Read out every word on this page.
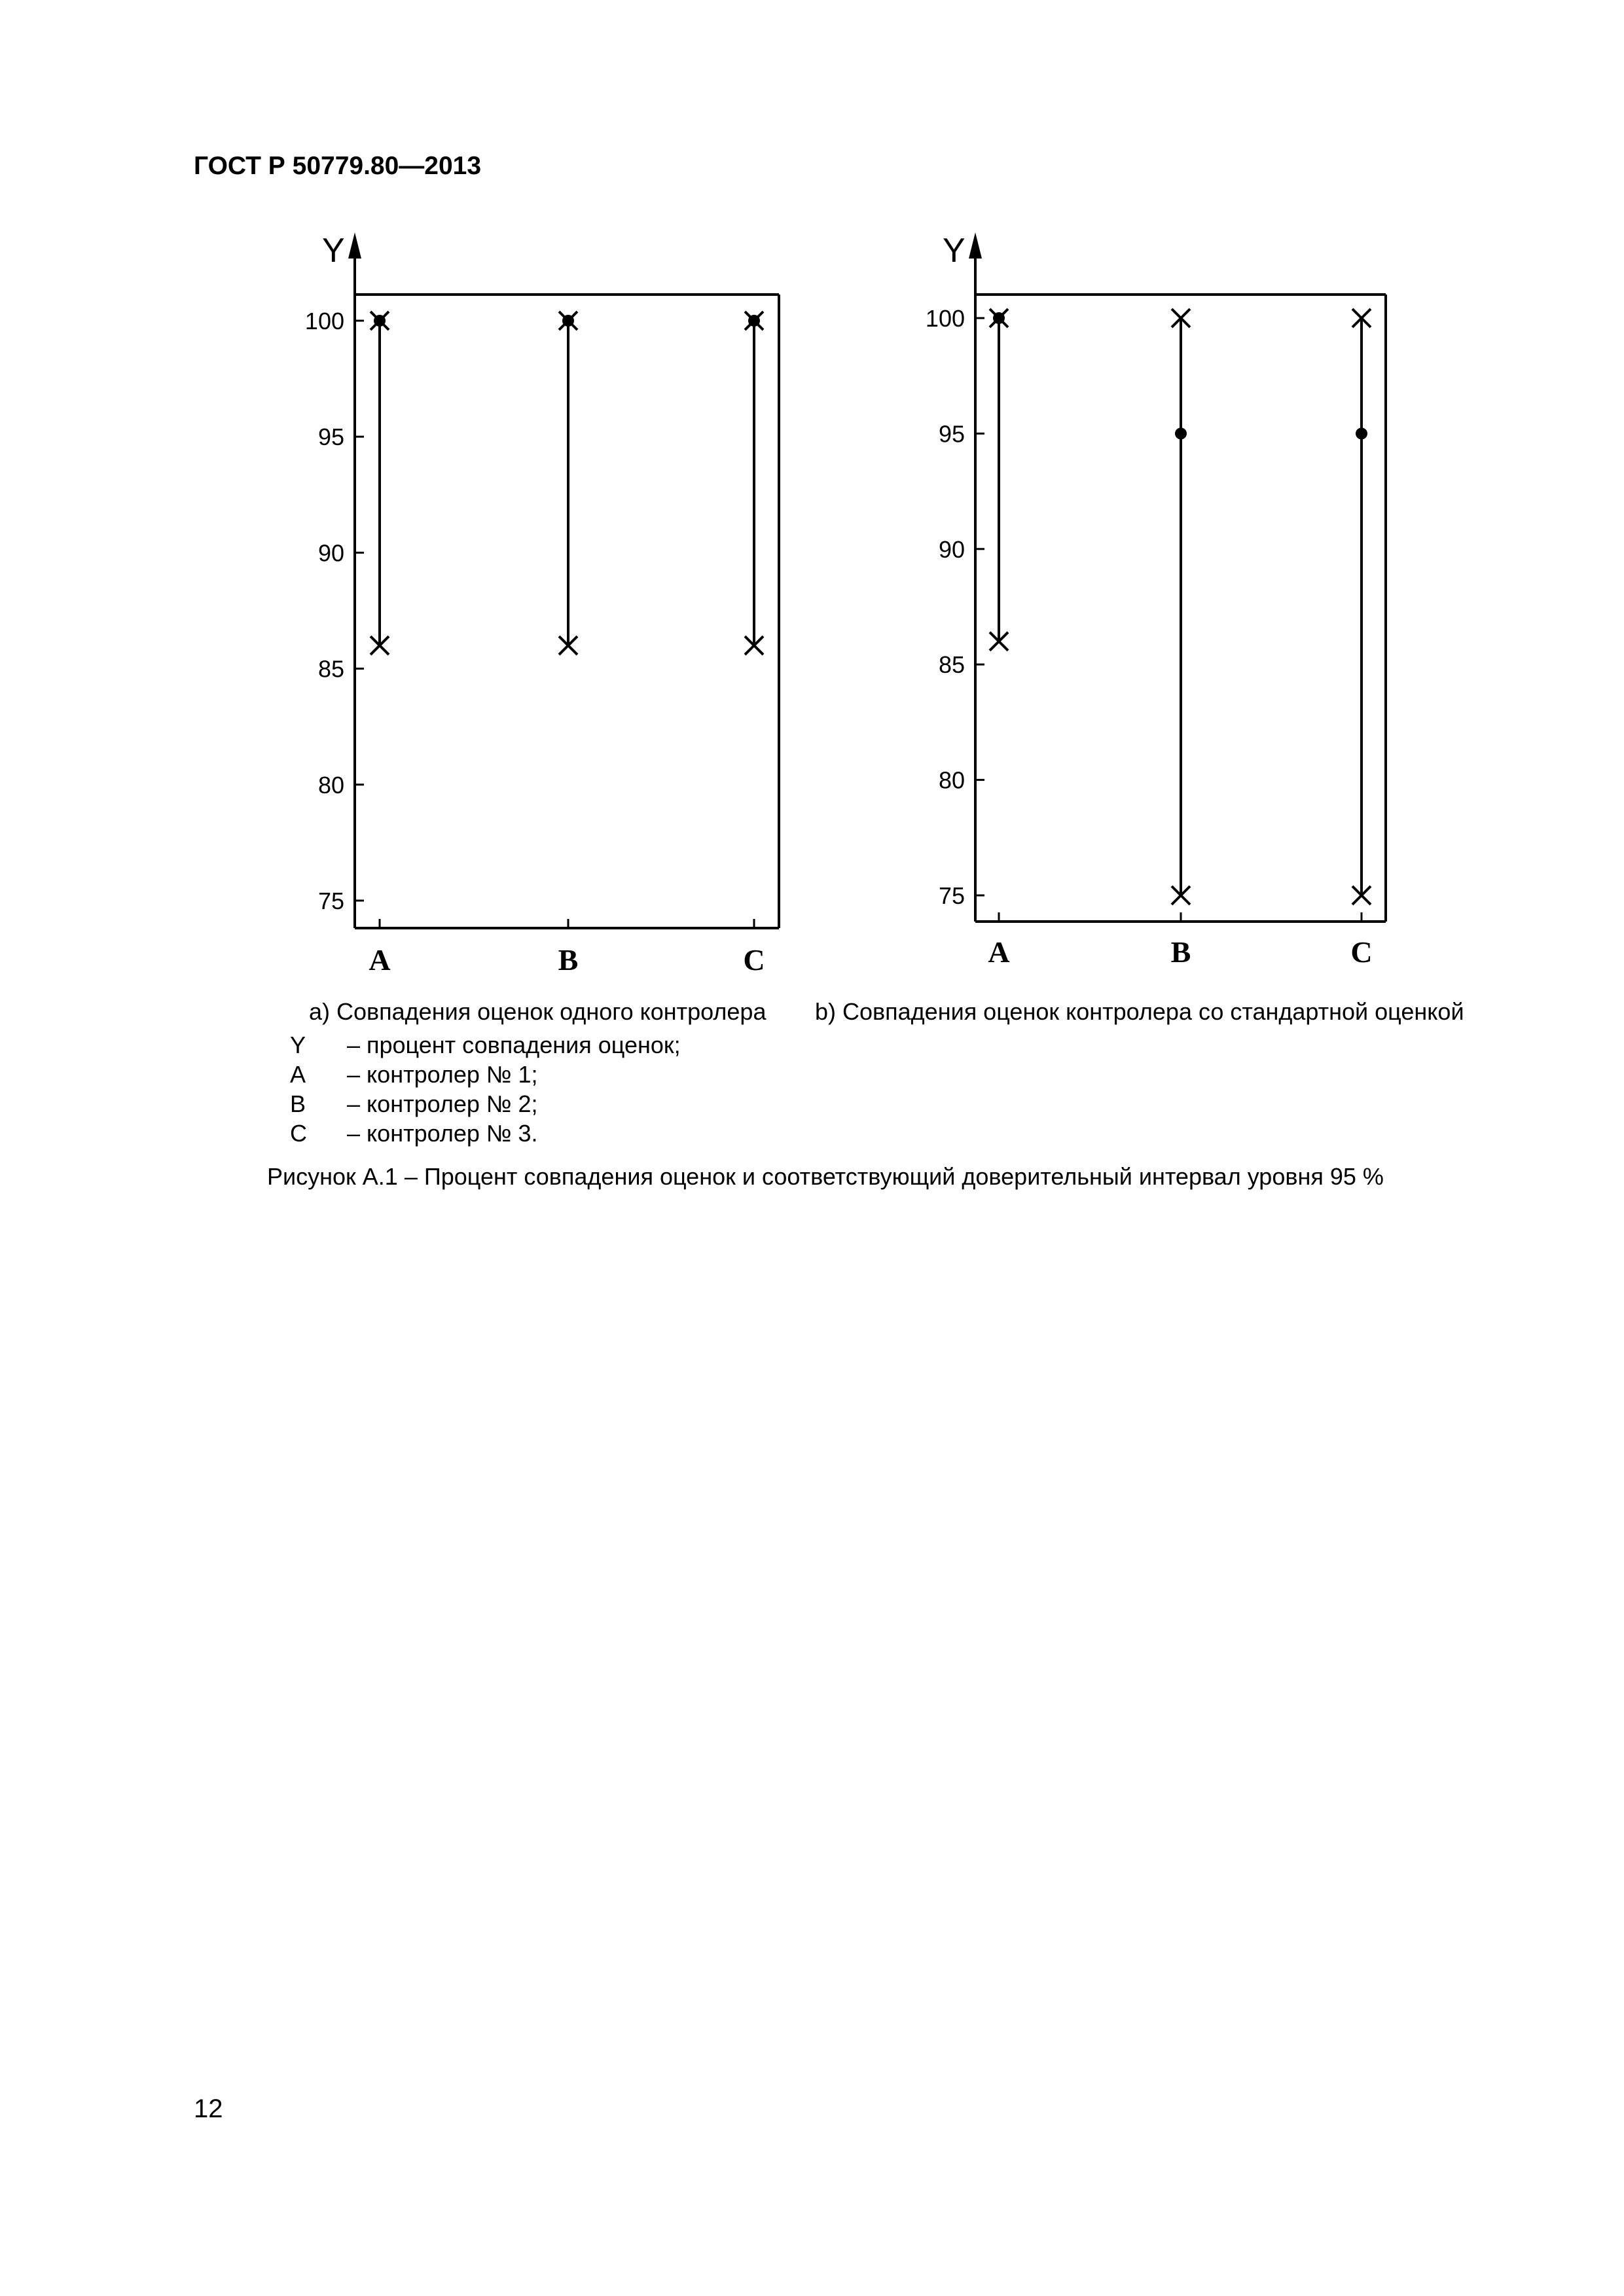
ГОСТ Р 50779.80—2013
Y
100
95
90
85
80
75
A	B	C
Y
100
95
90
85
80
75
A	B	C
a) Совпадения оценок одного контролера b) Совпадения оценок контролера со стандартной оценкой
Y – процент совпадения оценок;
A – контролер № 1;
B – контролер № 2;
C – контролер № 3.
Рисунок А.1 – Процент совпадения оценок и соответствующий доверительный интервал уровня 95 %
12
